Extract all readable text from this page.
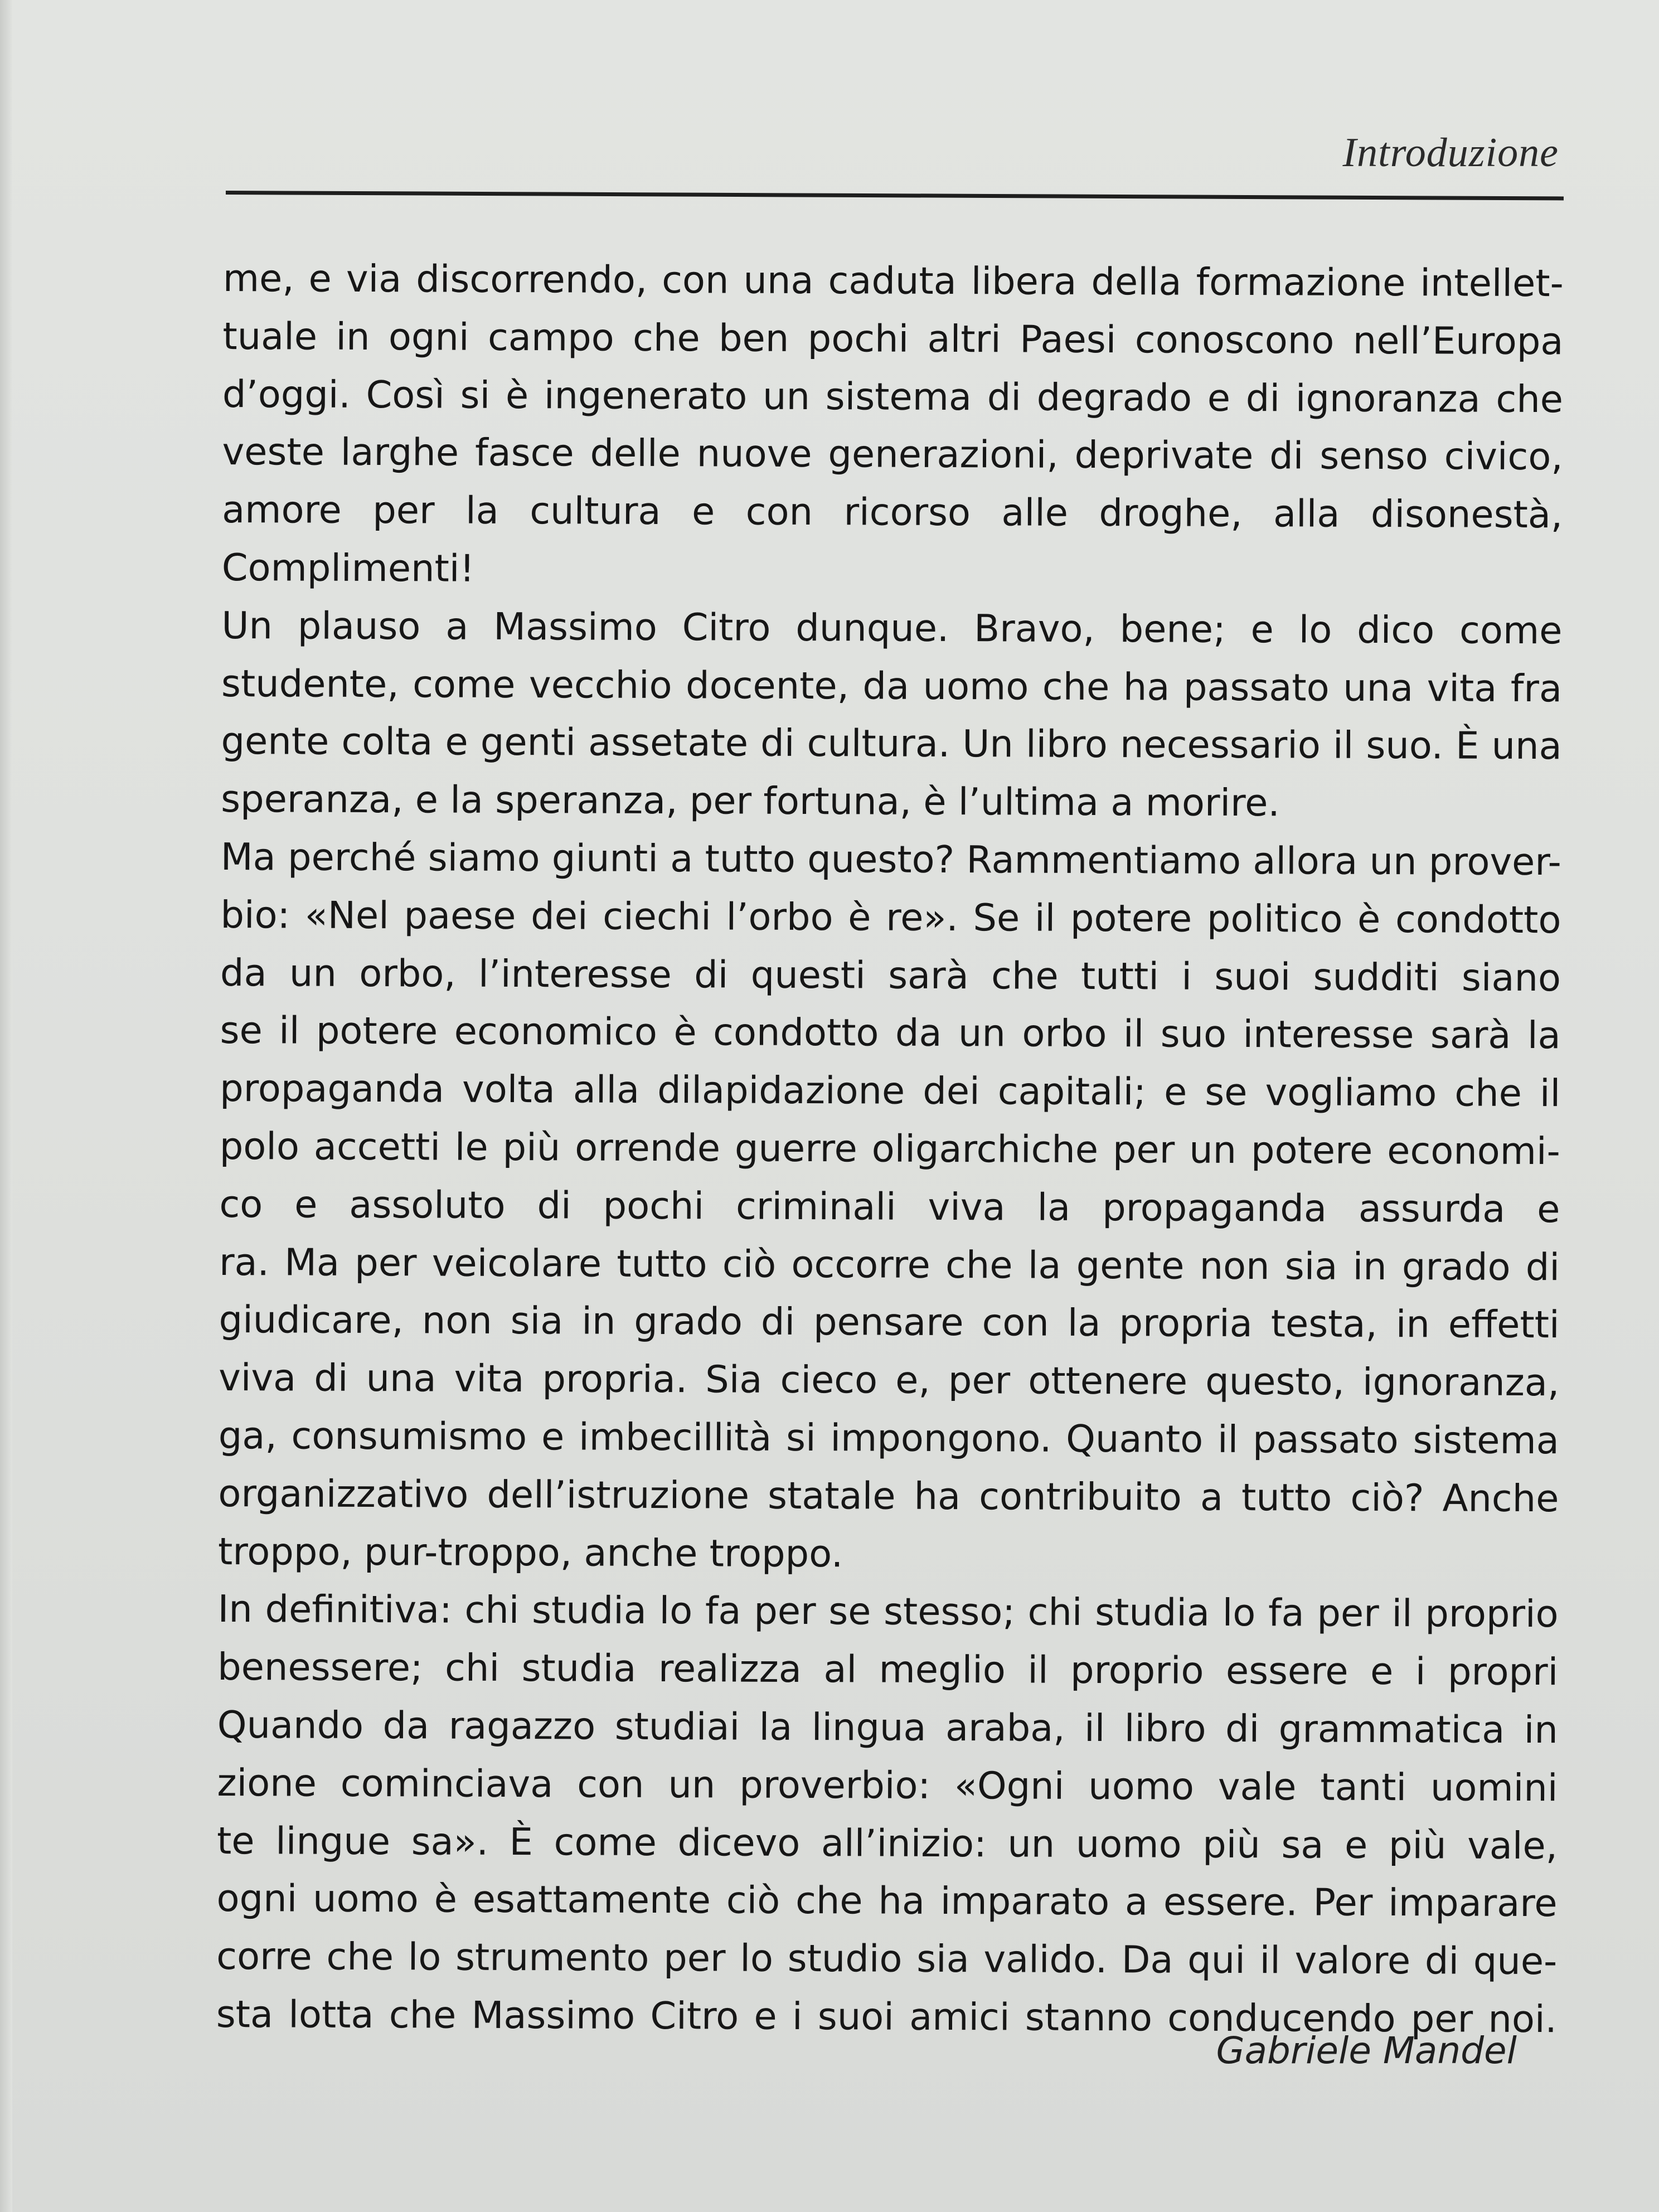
Introduzione
me, e via discorrendo, con una caduta libera della formazione intellet-
tuale in ogni campo che ben pochi altri Paesi conoscono nell’Europa
d’oggi. Così si è ingenerato un sistema di degrado e di ignoranza che
veste larghe fasce delle nuove generazioni, deprivate di senso civico,
amore per la cultura e con ricorso alle droghe, alla disonestà,
Complimenti!
Un plauso a Massimo Citro dunque. Bravo, bene; e lo dico come
studente, come vecchio docente, da uomo che ha passato una vita fra
gente colta e genti assetate di cultura. Un libro necessario il suo. È una
speranza, e la speranza, per fortuna, è l’ultima a morire.
Ma perché siamo giunti a tutto questo? Rammentiamo allora un prover-
bio: «Nel paese dei ciechi l’orbo è re». Se il potere politico è condotto
da un orbo, l’interesse di questi sarà che tutti i suoi sudditi siano
se il potere economico è condotto da un orbo il suo interesse sarà la
propaganda volta alla dilapidazione dei capitali; e se vogliamo che il
polo accetti le più orrende guerre oligarchiche per un potere economi-
co e assoluto di pochi criminali viva la propaganda assurda e
ra. Ma per veicolare tutto ciò occorre che la gente non sia in grado di
giudicare, non sia in grado di pensare con la propria testa, in effetti
viva di una vita propria. Sia cieco e, per ottenere questo, ignoranza,
ga, consumismo e imbecillità si impongono. Quanto il passato sistema
organizzativo dell’istruzione statale ha contribuito a tutto ciò? Anche
troppo, pur-troppo, anche troppo.
In definitiva: chi studia lo fa per se stesso; chi studia lo fa per il proprio
benessere; chi studia realizza al meglio il proprio essere e i propri
Quando da ragazzo studiai la lingua araba, il libro di grammatica in
zione cominciava con un proverbio: «Ogni uomo vale tanti uomini
te lingue sa». È come dicevo all’inizio: un uomo più sa e più vale,
ogni uomo è esattamente ciò che ha imparato a essere. Per imparare
corre che lo strumento per lo studio sia valido. Da qui il valore di que-
sta lotta che Massimo Citro e i suoi amici stanno conducendo per noi.
Gabriele Mandel
